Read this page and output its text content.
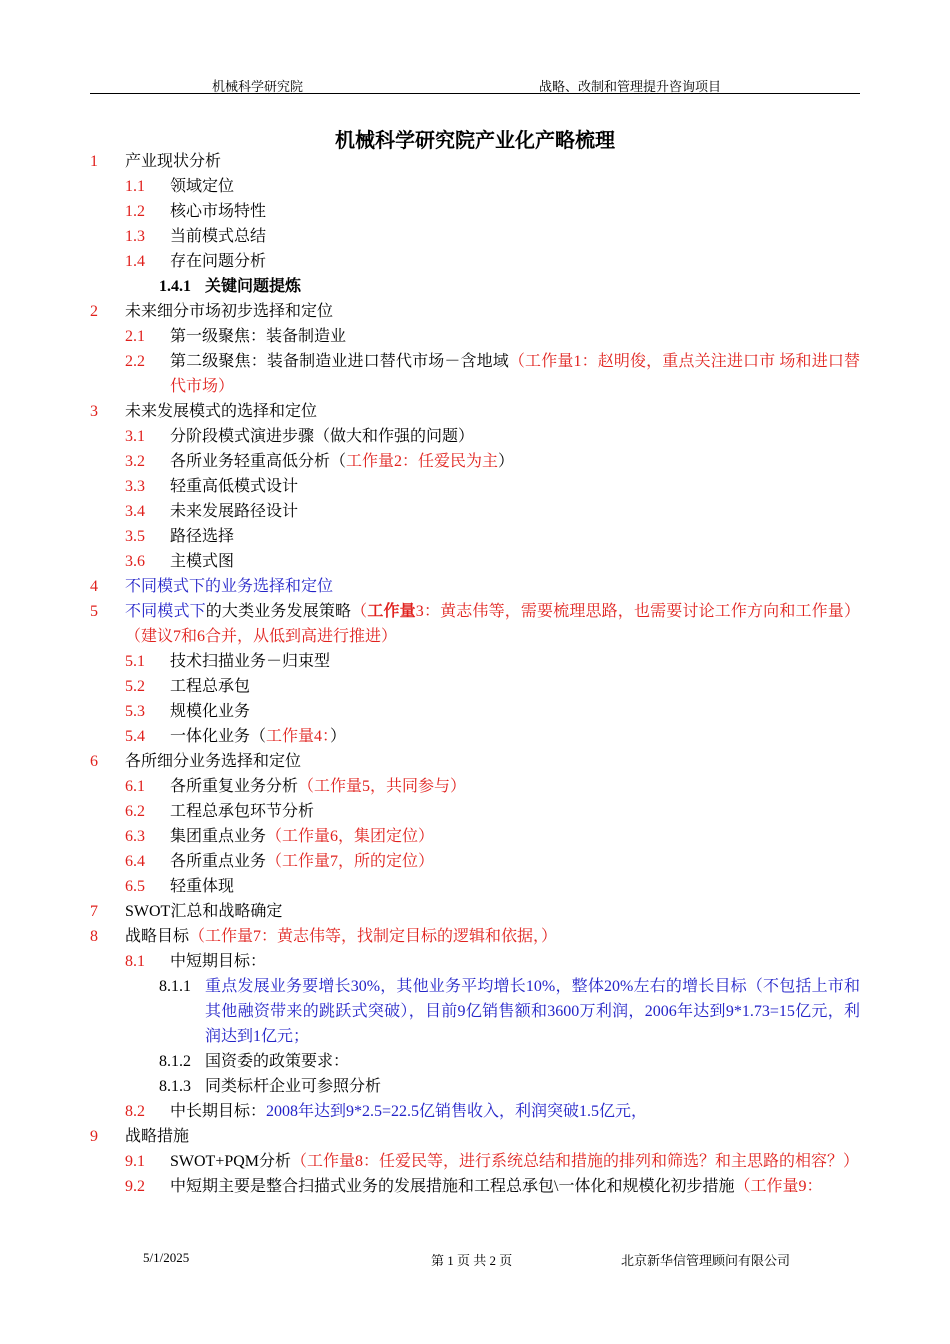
机械科学研究院	战略、改制和管理提升咨询项目
机械科学研究院产业化产略梳理
1 产业现状分析
1.1 领域定位
1.2 核心市场特性
1.3 当前模式总结
1.4 存在问题分析
1.4.1 关键问题提炼
2 未来细分市场初步选择和定位
2.1 第一级聚焦：装备制造业
2.2 第二级聚焦：装备制造业进口替代市场－含地域（工作量1：赵明俊，重点关注进口市 场和进口替代市场）
3 未来发展模式的选择和定位
3.1 分阶段模式演进步骤（做大和作强的问题）
3.2 各所业务轻重高低分析（工作量2：任爱民为主）
3.3 轻重高低模式设计
3.4 未来发展路径设计
3.5 路径选择
3.6 主模式图
4 不同模式下的业务选择和定位
5 不同模式下的大类业务发展策略（工作量3：黄志伟等，需要梳理思路，也需要讨论工作方向和工作量）（建议7和6合并，从低到高进行推进）
5.1 技术扫描业务－归束型
5.2 工程总承包
5.3 规模化业务
5.4 一体化业务（工作量4：）
6 各所细分业务选择和定位
6.1 各所重复业务分析（工作量5，共同参与）
6.2 工程总承包环节分析
6.3 集团重点业务（工作量6，集团定位）
6.4 各所重点业务（工作量7，所的定位）
6.5 轻重体现
7 SWOT汇总和战略确定
8 战略目标（工作量7：黄志伟等，找制定目标的逻辑和依据，）
8.1 中短期目标：
8.1.1 重点发展业务要增长30%，其他业务平均增长10%，整体20%左右的增长目标（不包括上市和其他融资带来的跳跃式突破），目前9亿销售额和3600万利润，2006年达到9*1.73=15亿元，利润达到1亿元；
8.1.2 国资委的政策要求：
8.1.3 同类标杆企业可参照分析
8.2 中长期目标：2008年达到9*2.5=22.5亿销售收入，利润突破1.5亿元，
9 战略措施
9.1 SWOT+PQM分析（工作量8：任爱民等，进行系统总结和措施的排列和筛选？和主思路的相容？）
9.2 中短期主要是整合扫描式业务的发展措施和工程总承包\一体化和规模化初步措施（工作量9：
5/1/2025	第 1 页 共 2 页	北京新华信管理顾问有限公司
